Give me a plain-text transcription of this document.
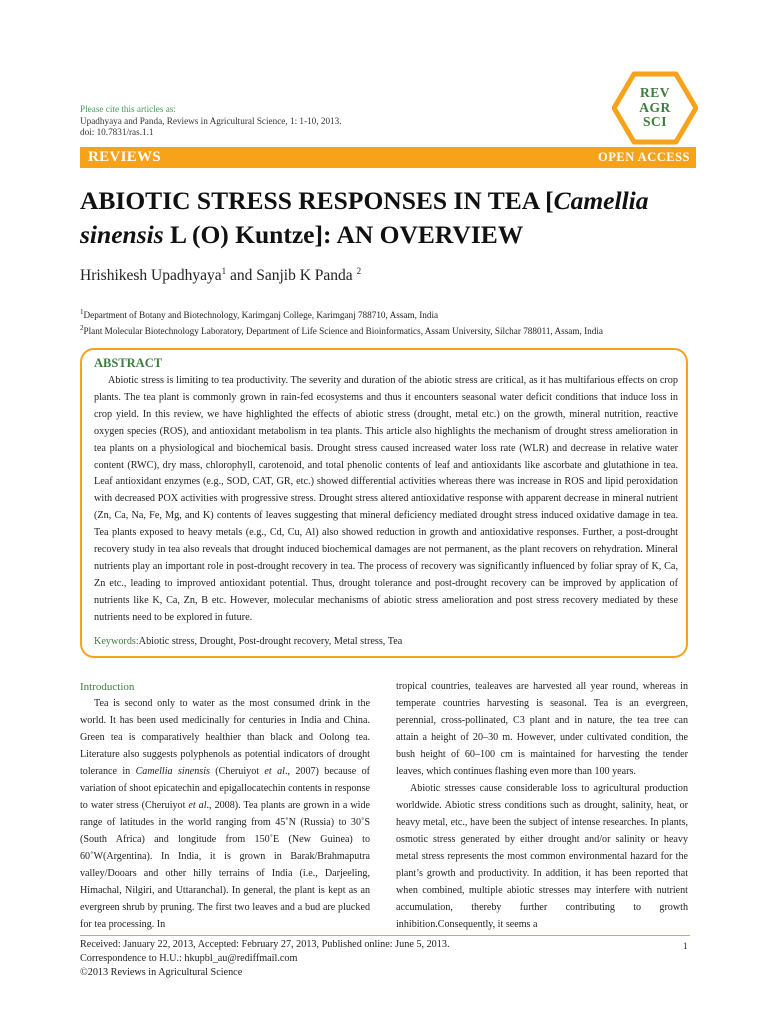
Please cite this articles as:
Upadhyaya and Panda, Reviews in Agricultural Science, 1: 1-10, 2013.
doi: 10.7831/ras.1.1
REV
AGR
SCI
REVIEWS	OPEN ACCESS
ABIOTIC STRESS RESPONSES IN TEA [Camellia
sinensis L (O) Kuntze]: AN OVERVIEW
Hrishikesh Upadhyaya$^1$ and Sanjib K Panda $^2$
$^1$Department of Botany and Biotechnology, Karimganj College, Karimganj 788710, Assam, India
$^2$Plant Molecular Biotechnology Laboratory, Department of Life Science and Bioinformatics, Assam University, Silchar 788011, Assam, India
ABSTRACT
Abiotic stress is limiting to tea productivity. The severity and duration of the abiotic stress are critical, as it has multifarious effects on crop plants. The tea plant is commonly grown in rain-fed ecosystems and thus it encounters seasonal water deficit conditions that induce loss in crop yield. In this review, we have highlighted the effects of abiotic stress (drought, metal etc.) on the growth, mineral nutrition, reactive oxygen species (ROS), and antioxidant metabolism in tea plants. This article also highlights the mechanism of drought stress amelioration in tea plants on a physiological and biochemical basis. Drought stress caused increased water loss rate (WLR) and decrease in relative water content (RWC), dry mass, chlorophyll, carotenoid, and total phenolic contents of leaf and antioxidants like ascorbate and glutathione in tea. Leaf antioxidant enzymes (e.g., SOD, CAT, GR, etc.) showed differential activities whereas there was increase in ROS and lipid peroxidation with decreased POX activities with progressive stress. Drought stress altered antioxidative response with apparent decrease in mineral nutrient (Zn, Ca, Na, Fe, Mg, and K) contents of leaves suggesting that mineral deficiency mediated drought stress induced oxidative damage in tea. Tea plants exposed to heavy metals (e.g., Cd, Cu, Al) also showed reduction in growth and antioxidative responses. Further, a post-drought recovery study in tea also reveals that drought induced biochemical damages are not permanent, as the plant recovers on rehydration. Mineral nutrients play an important role in post-drought recovery in tea. The process of recovery was significantly influenced by foliar spray of K, Ca, Zn etc., leading to improved antioxidant potential. Thus, drought tolerance and post-drought recovery can be improved by application of nutrients like K, Ca, Zn, B etc. However, molecular mechanisms of abiotic stress amelioration and post stress recovery mediated by these nutrients need to be explored in future.
Keywords:Abiotic stress, Drought, Post-drought recovery, Metal stress, Tea
Introduction

Tea is second only to water as the most consumed drink in the world. It has been used medicinally for centuries in India and China. Green tea is comparatively healthier than black and Oolong tea. Literature also suggests polyphenols as potential indicators of drought tolerance in Camellia sinensis (Cheruiyot et al., 2007) because of variation of shoot epicatechin and epigallocatechin contents in response to water stress (Cheruiyot et al., 2008). Tea plants are grown in a wide range of latitudes in the world ranging from 45˚N (Russia) to 30˚S (South Africa) and longitude from 150˚E (New Guinea) to 60˚W(Argentina). In India, it is grown in Barak/Brahmaputra valley/Dooars and other hilly terrains of India (i.e., Darjeeling, Himachal, Nilgiri, and Uttaranchal). In general, the plant is kept as an evergreen shrub by pruning. The first two leaves and a bud are plucked for tea processing. In

tropical countries, tealeaves are harvested all year round, whereas in temperate countries harvesting is seasonal. Tea is an evergreen, perennial, cross-pollinated, C3 plant and in nature, the tea tree can attain a height of 20–30 m. However, under cultivated condition, the bush height of 60–100 cm is maintained for harvesting the tender leaves, which continues flashing even more than 100 years.

Abiotic stresses cause considerable loss to agricultural production worldwide. Abiotic stress conditions such as drought, salinity, heat, or heavy metal, etc., have been the subject of intense researches. In plants, osmotic stress generated by either drought and/or salinity or heavy metal stress represents the most common environmental hazard for the plant’s growth and productivity. In addition, it has been reported that when combined, multiple abiotic stresses may interfere with nutrient accumulation, thereby further contributing to growth inhibition.Consequently, it seems a

Received: January 22, 2013, Accepted: February 27, 2013, Published online: June 5, 2013.
Correspondence to H.U.: hkupbl_au@rediffmail.com
©2013 Reviews in Agricultural Science
1
